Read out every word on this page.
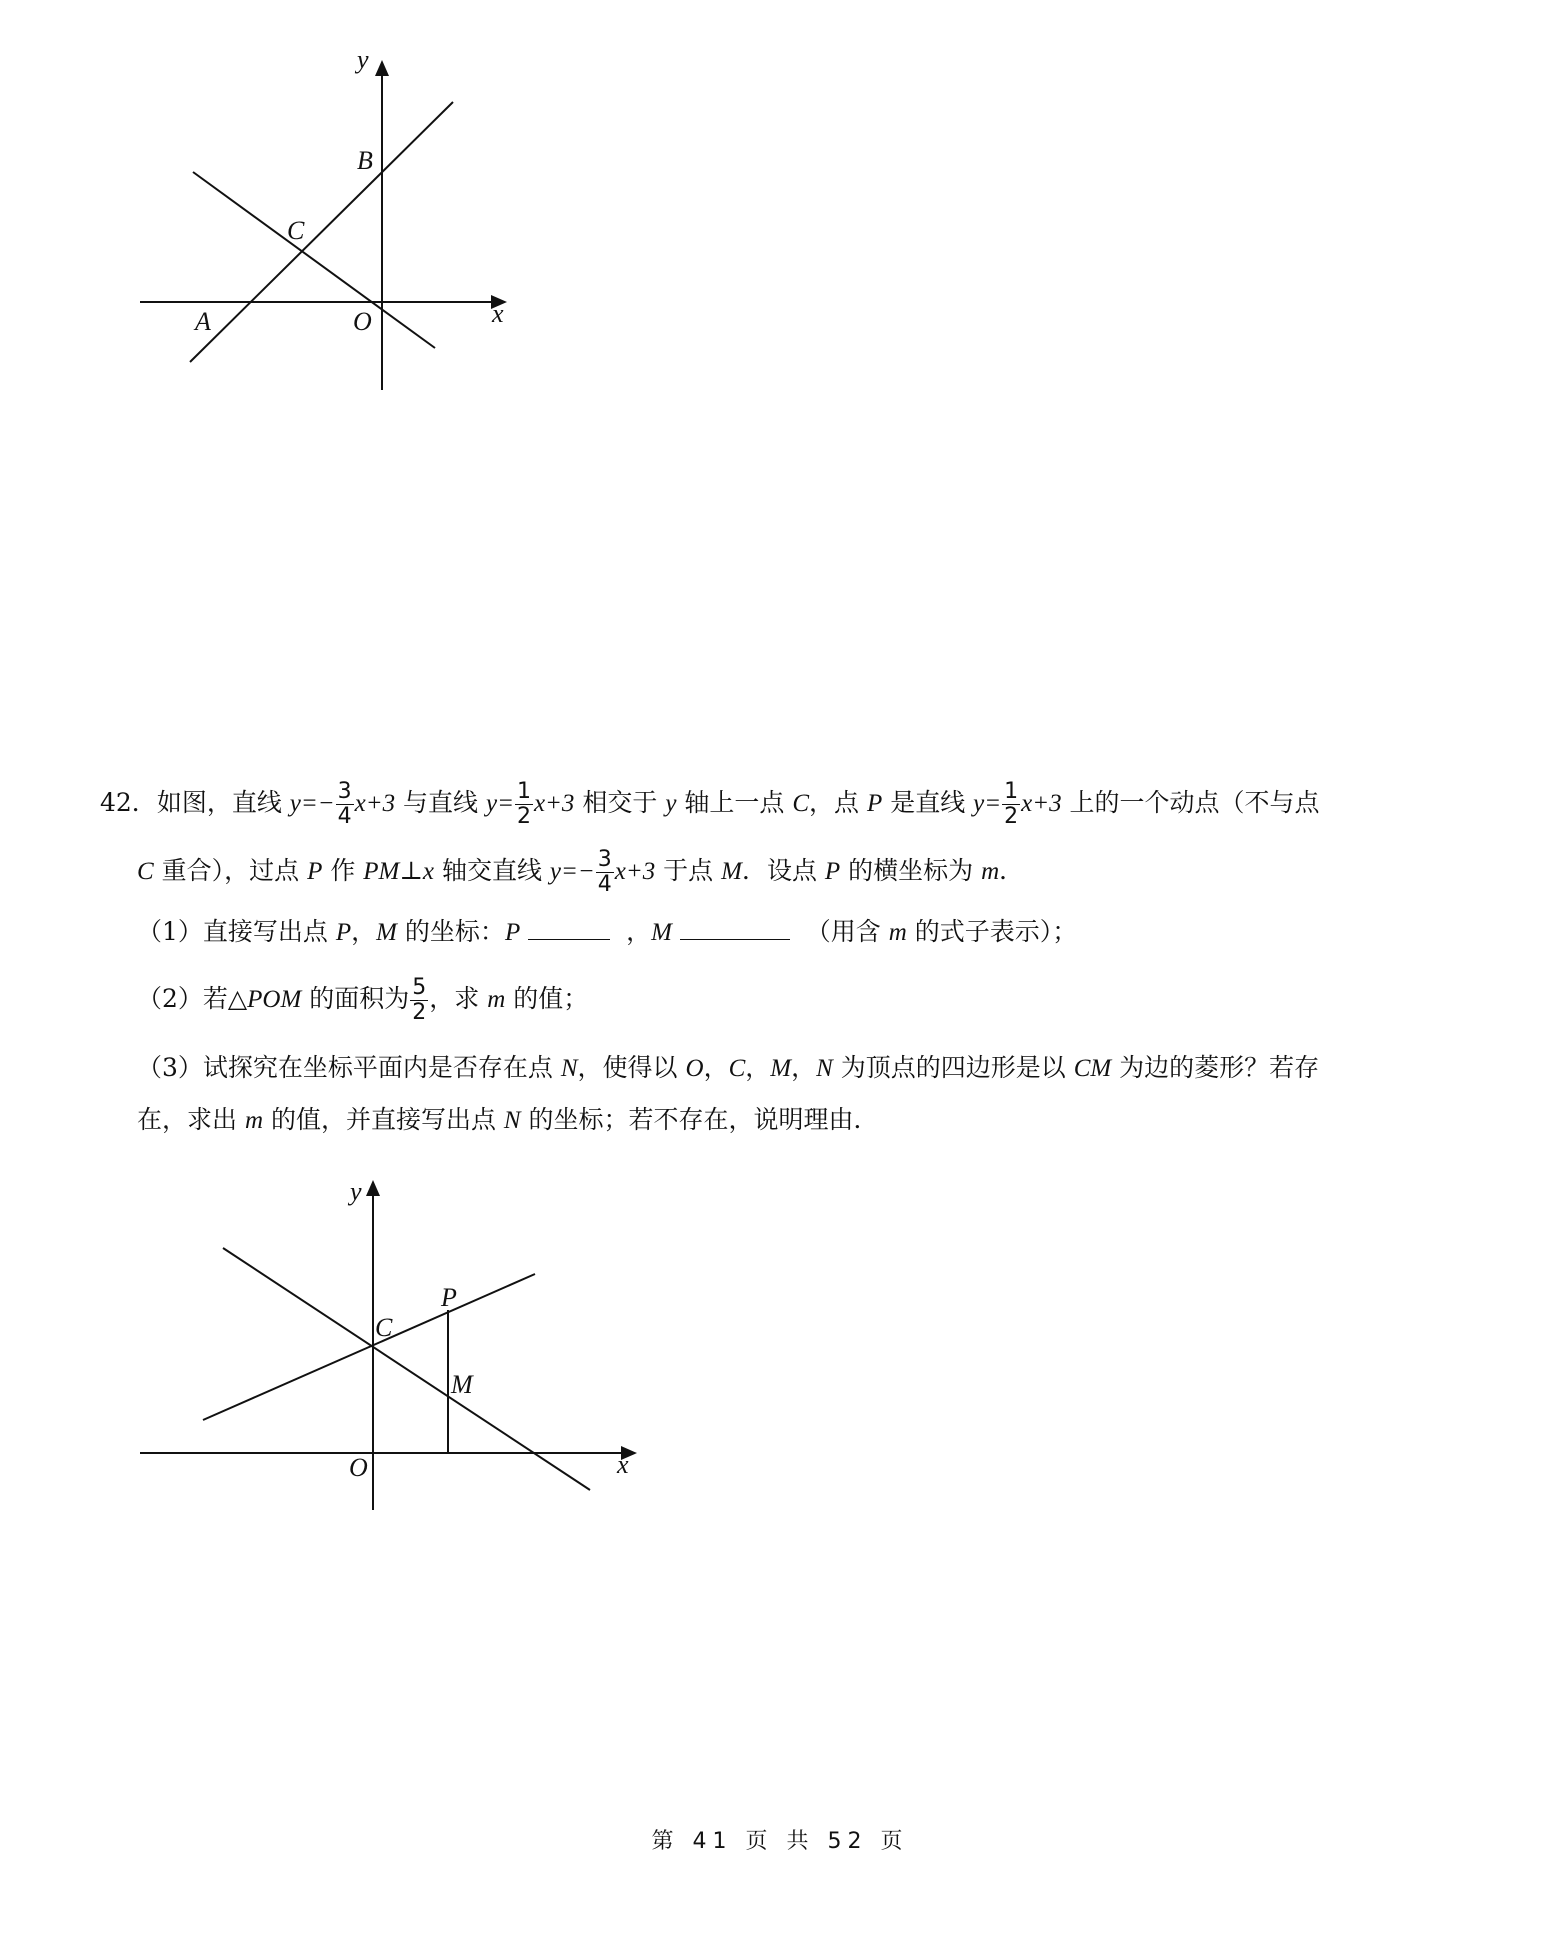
y
x
B
C
A	O
42．如图，直线 $y=- \frac{3}{4} x+3$ 与直线 $y= \frac{1}{2} x+3$ 相交于 y 轴上一点 C，点 P 是直线 $y= \frac{1}{2} x+3$ 上的一个动点（不与点
C 重合），过点 P 作 PM⊥x 轴交直线 $y=- \frac{3}{4} x+3$ 于点 M．设点 P 的横坐标为 m．
（1）直接写出点 P，M 的坐标：P	，M	（用含 m 的式子表示）；
（2）若△POM 的面积为 $\frac{5}{2}$ ，求 m 的值；
（3）试探究在坐标平面内是否存在点 N，使得以 O，C，M，N 为顶点的四边形是以 CM 为边的菱形？若存
在，求出 m 的值，并直接写出点 N 的坐标；若不存在，说明理由．
y
x
P
C
M
O
第 41 页 共 52 页
